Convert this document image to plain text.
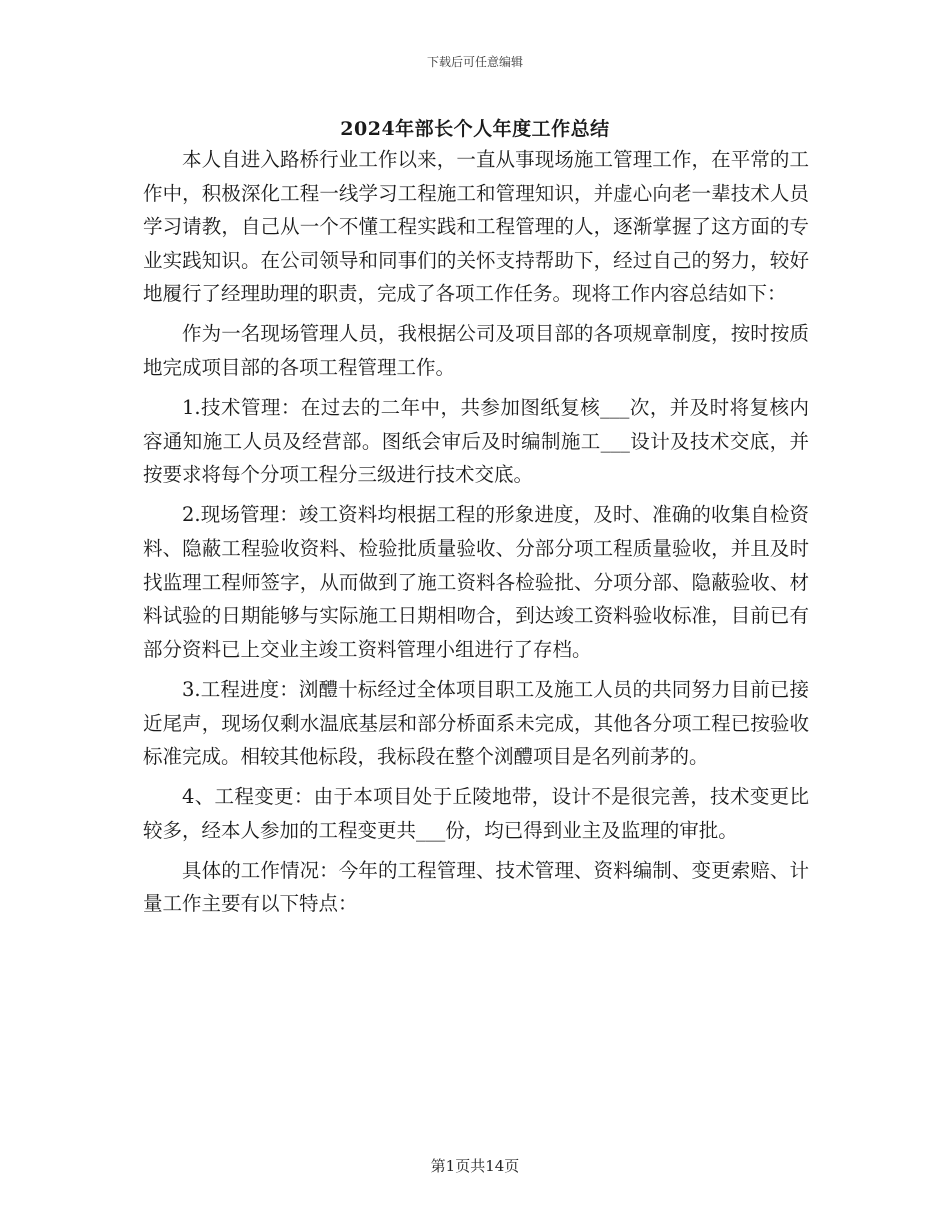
下载后可任意编辑
2024年部长个人年度工作总结

本人自进入路桥行业工作以来，一直从事现场施工管理工作，在平常的工作中，积极深化工程一线学习工程施工和管理知识，并虚心向老一辈技术人员学习请教，自己从一个不懂工程实践和工程管理的人，逐渐掌握了这方面的专业实践知识。在公司领导和同事们的关怀支持帮助下，经过自己的努力，较好地履行了经理助理的职责，完成了各项工作任务。现将工作内容总结如下：

作为一名现场管理人员，我根据公司及项目部的各项规章制度，按时按质地完成项目部的各项工程管理工作。

1.技术管理：在过去的二年中，共参加图纸复核___次，并及时将复核内容通知施工人员及经营部。图纸会审后及时编制施工___设计及技术交底，并按要求将每个分项工程分三级进行技术交底。

2.现场管理：竣工资料均根据工程的形象进度，及时、准确的收集自检资料、隐蔽工程验收资料、检验批质量验收、分部分项工程质量验收，并且及时找监理工程师签字，从而做到了施工资料各检验批、分项分部、隐蔽验收、材料试验的日期能够与实际施工日期相吻合，到达竣工资料验收标准，目前已有部分资料已上交业主竣工资料管理小组进行了存档。

3.工程进度：浏醴十标经过全体项目职工及施工人员的共同努力目前已接近尾声，现场仅剩水温底基层和部分桥面系未完成，其他各分项工程已按验收标准完成。相较其他标段，我标段在整个浏醴项目是名列前茅的。

4、工程变更：由于本项目处于丘陵地带，设计不是很完善，技术变更比较多，经本人参加的工程变更共___份，均已得到业主及监理的审批。

具体的工作情况：今年的工程管理、技术管理、资料编制、变更索赔、计量工作主要有以下特点：

第1页共14页
